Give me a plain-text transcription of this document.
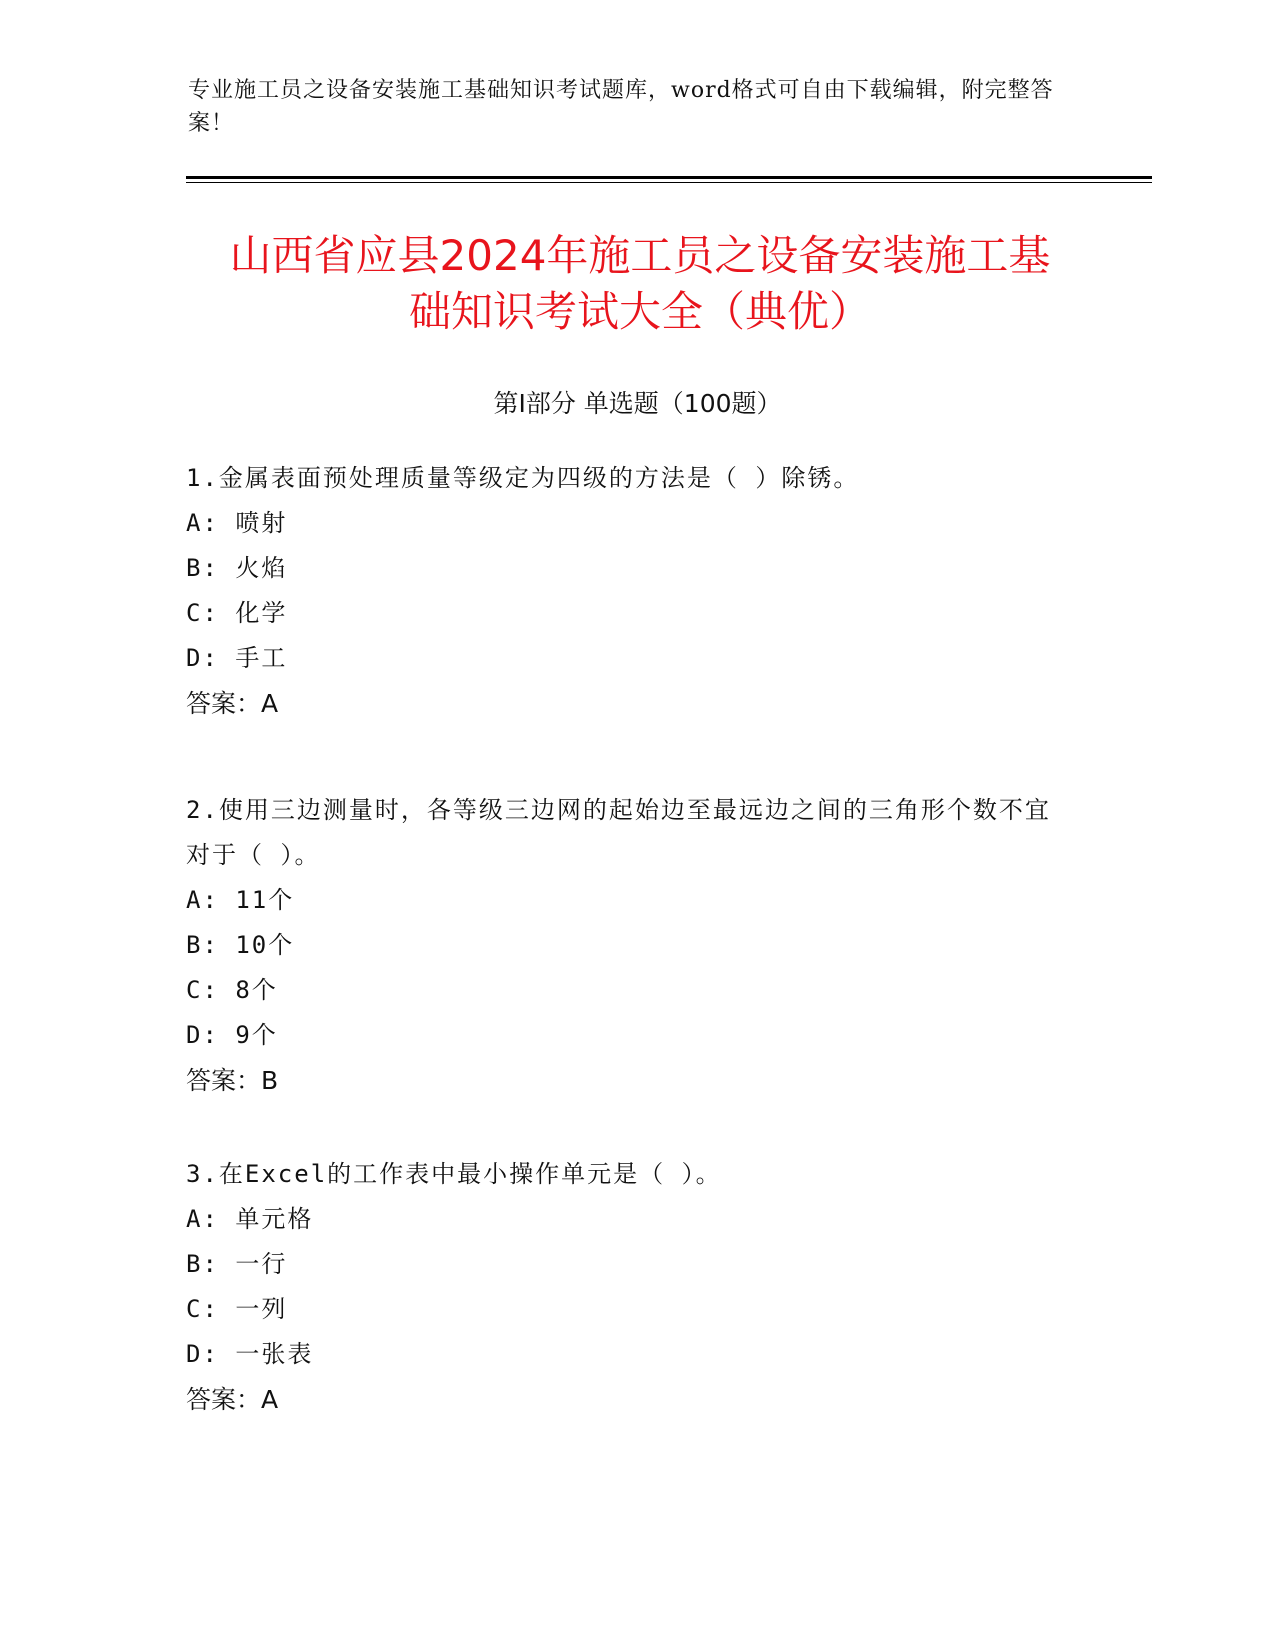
专业施工员之设备安装施工基础知识考试题库，word格式可自由下载编辑，附完整答案！
山西省应县2024年施工员之设备安装施工基
础知识考试大全（典优）
第Ⅰ部分 单选题（100题）
1.金属表面预处理质量等级定为四级的方法是（ ）除锈。
A: 喷射
B: 火焰
C: 化学
D: 手工
答案：A
2.使用三边测量时，各等级三边网的起始边至最远边之间的三角形个数不宜对于（ ）。
A: 11个
B: 10个
C: 8个
D: 9个
答案：B
3.在Excel的工作表中最小操作单元是（ ）。
A: 单元格
B: 一行
C: 一列
D: 一张表
答案：A
